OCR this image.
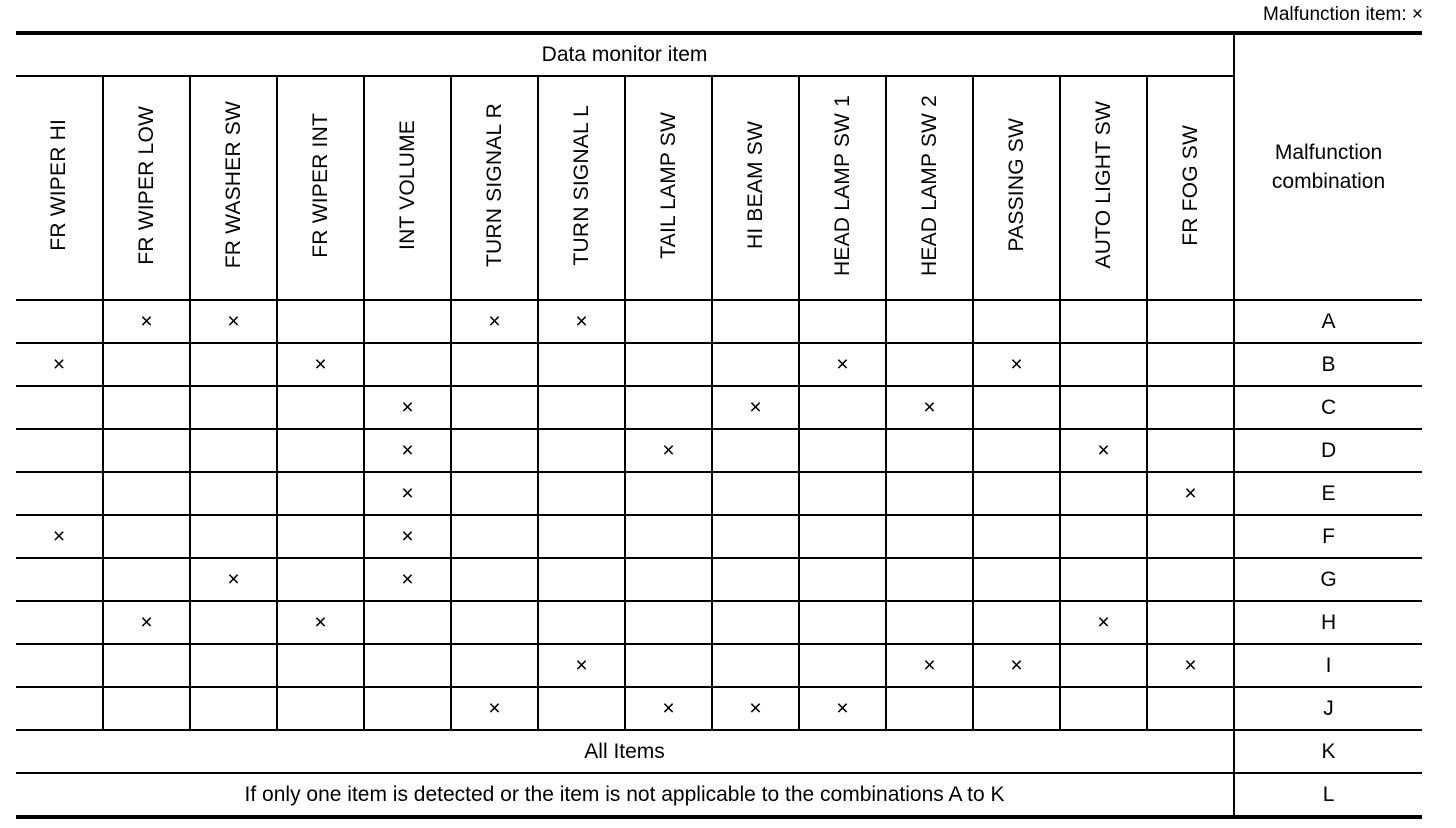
Malfunction item: ×
Data monitor item														Malfunction
combination

FR WIPER HI	FR WIPER LOW	FR WASHER SW	FR WIPER INT	INT VOLUME	TURN SIGNAL R	TURN SIGNAL L	TAIL LAMP SW	HI BEAM SW	HEAD LAMP SW 1	HEAD LAMP SW 2	PASSING SW	AUTO LIGHT SW	FR FOG SW	
	×	×			×	×								A
×			×						×		×			B
				×				×		×				C
				×			×					×		D
				×									×	E
×				×										F
		×		×										G
	×		×									×		H
						×				×	×		×	I
					×		×	×	×					J
All Items														K
If only one item is detected or the item is not applicable to the combinations A to K														L
